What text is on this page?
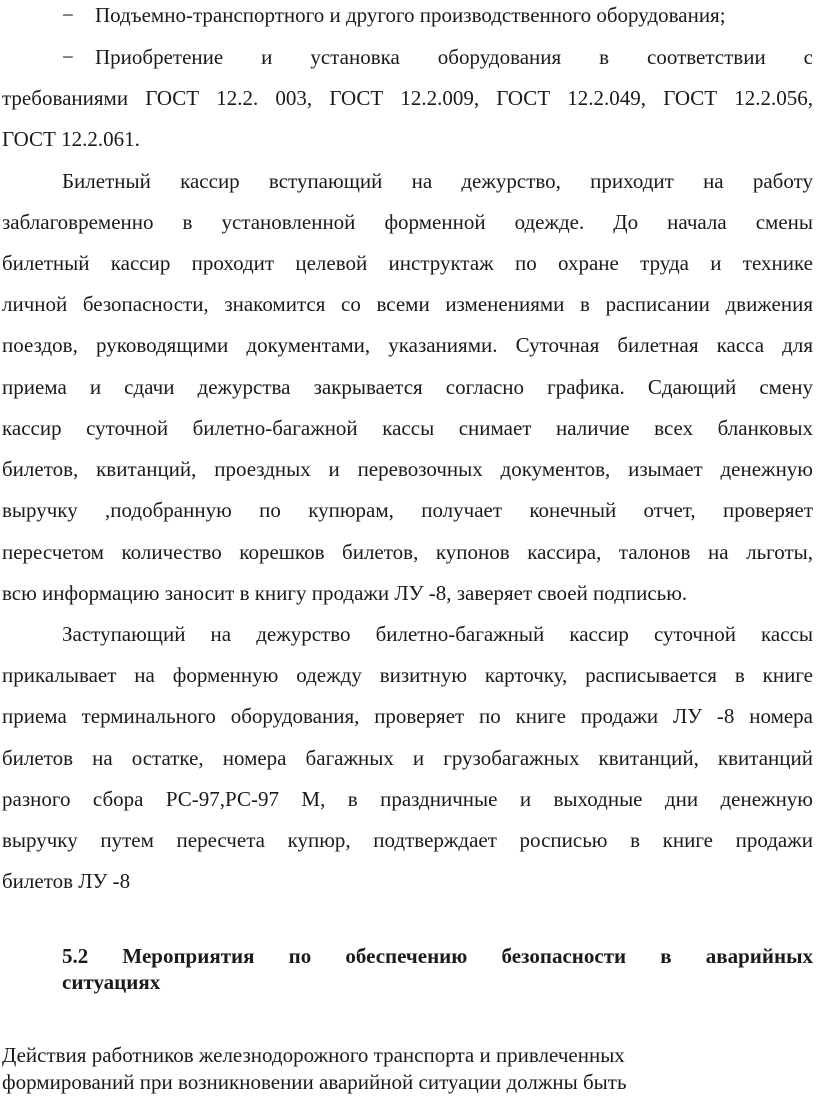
− Подъемно-транспортного и другого производственного оборудования;
− Приобретение и установка оборудования в соответствии с
требованиями ГОСТ 12.2. 003, ГОСТ 12.2.009, ГОСТ 12.2.049, ГОСТ 12.2.056,
ГОСТ 12.2.061.
Билетный кассир вступающий на дежурство, приходит на работу
заблаговременно в установленной форменной одежде. До начала смены
билетный кассир проходит целевой инструктаж по охране труда и технике
личной безопасности, знакомится со всеми изменениями в расписании движения
поездов, руководящими документами, указаниями. Суточная билетная касса для
приема и сдачи дежурства закрывается согласно графика. Сдающий смену
кассир суточной билетно-багажной кассы снимает наличие всех бланковых
билетов, квитанций, проездных и перевозочных документов, изымает денежную
выручку ,подобранную по купюрам, получает конечный отчет, проверяет
пересчетом количество корешков билетов, купонов кассира, талонов на льготы,
всю информацию заносит в книгу продажи ЛУ -8, заверяет своей подписью.
Заступающий на дежурство билетно-багажный кассир суточной кассы
прикалывает на форменную одежду визитную карточку, расписывается в книге
приема терминального оборудования, проверяет по книге продажи ЛУ -8 номера
билетов на остатке, номера багажных и грузобагажных квитанций, квитанций
разного сбора РС-97,РС-97 М, в праздничные и выходные дни денежную
выручку путем пересчета купюр, подтверждает росписью в книге продажи
билетов ЛУ -8
5.2 Мероприятия по обеспечению безопасности в аварийных
ситуациях
Действия работников железнодорожного транспорта и привлеченных
формирований при возникновении аварийной ситуации должны быть
